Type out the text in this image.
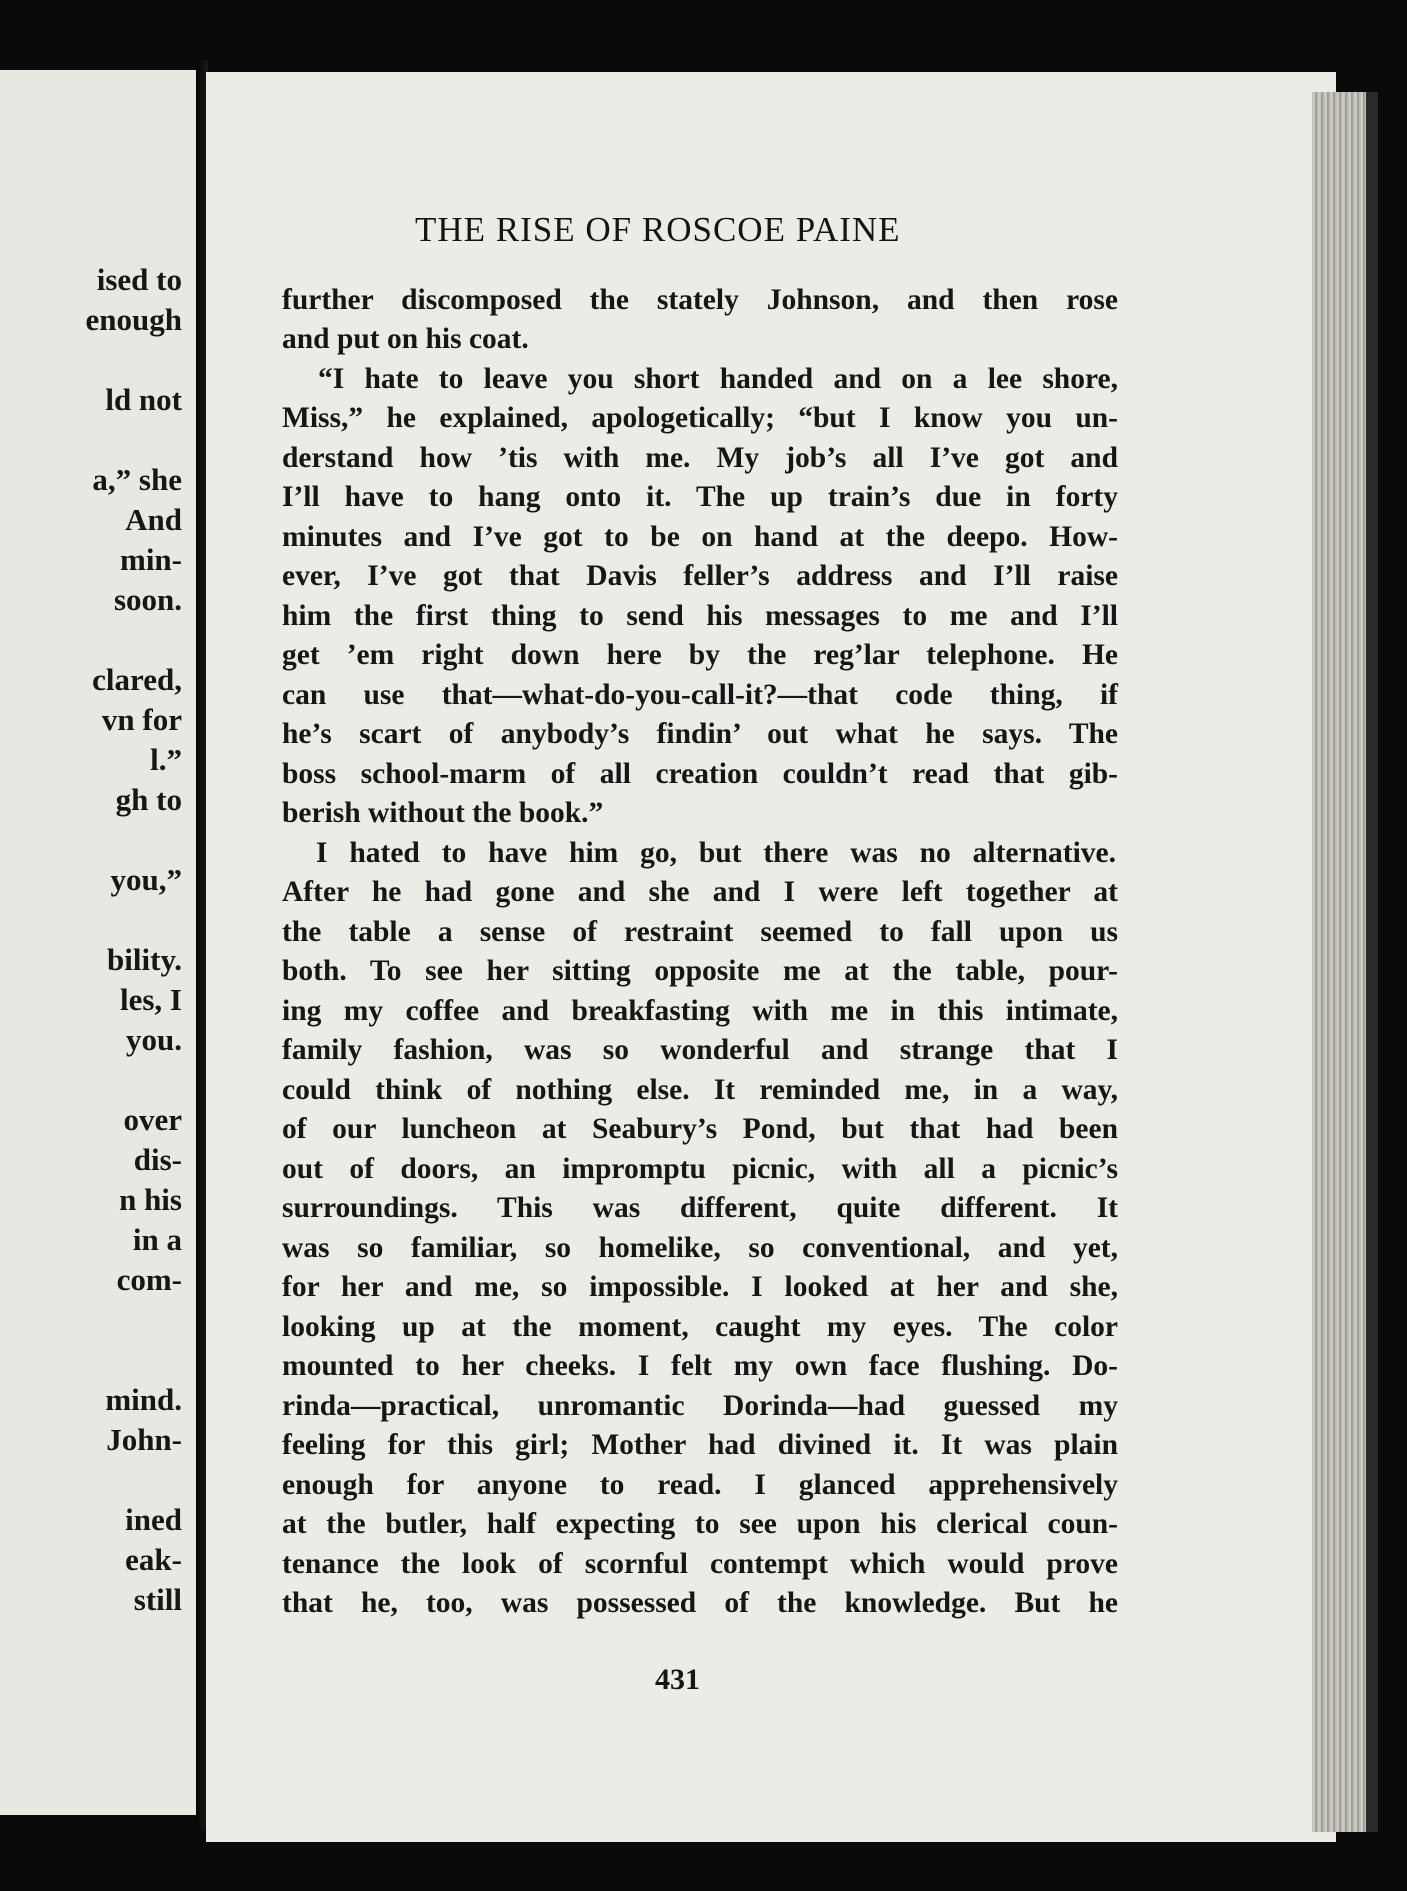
ised to
enough
ld not
a,” she
And
min-
soon.
clared,
vn for
l.”
gh to
you,”
bility.
les, I
you.
over
dis-
n his
in a
com-
mind.
John-
ined
eak-
still
THE RISE OF ROSCOE PAINE
further discomposed the stately Johnson, and then rose
and put on his coat.
“I hate to leave you short handed and on a lee shore,
Miss,” he explained, apologetically; “but I know you un-
derstand how ’tis with me. My job’s all I’ve got and
I’ll have to hang onto it. The up train’s due in forty
minutes and I’ve got to be on hand at the deepo. How-
ever, I’ve got that Davis feller’s address and I’ll raise
him the first thing to send his messages to me and I’ll
get ’em right down here by the reg’lar telephone. He
can use that—what-do-you-call-it?—that code thing, if
he’s scart of anybody’s findin’ out what he says. The
boss school-marm of all creation couldn’t read that gib-
berish without the book.”
I hated to have him go, but there was no alternative.
After he had gone and she and I were left together at
the table a sense of restraint seemed to fall upon us
both. To see her sitting opposite me at the table, pour-
ing my coffee and breakfasting with me in this intimate,
family fashion, was so wonderful and strange that I
could think of nothing else. It reminded me, in a way,
of our luncheon at Seabury’s Pond, but that had been
out of doors, an impromptu picnic, with all a picnic’s
surroundings. This was different, quite different. It
was so familiar, so homelike, so conventional, and yet,
for her and me, so impossible. I looked at her and she,
looking up at the moment, caught my eyes. The color
mounted to her cheeks. I felt my own face flushing. Do-
rinda—practical, unromantic Dorinda—had guessed my
feeling for this girl; Mother had divined it. It was plain
enough for anyone to read. I glanced apprehensively
at the butler, half expecting to see upon his clerical coun-
tenance the look of scornful contempt which would prove
that he, too, was possessed of the knowledge. But he
431
